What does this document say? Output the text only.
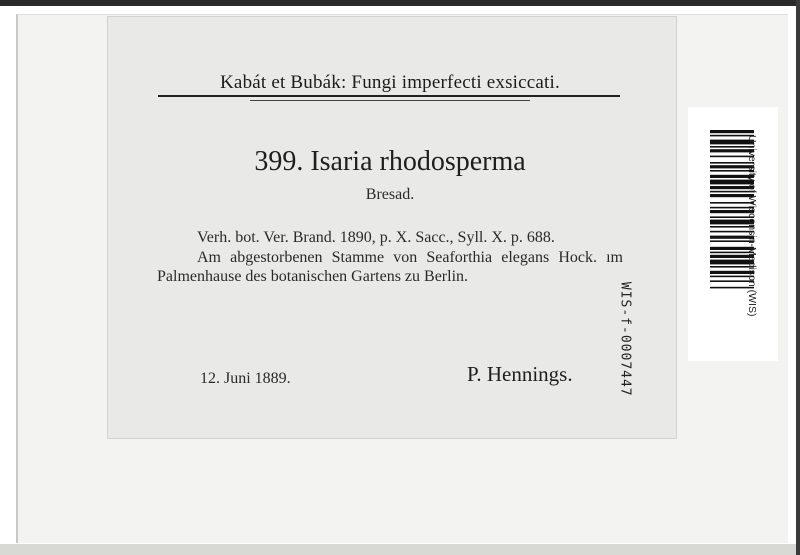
Kabát et Bubák: Fungi imperfecti exsiccati.
399. Isaria rhodosperma
Bresad.

Verh. bot. Ver. Brand. 1890, p. X. Sacc., Syll. X. p. 688.

Am abgestorbenen Stamme von Seaforthia elegans Hock. ım Palmenhause des botanischen Gartens zu Berlin.

12. Juni 1889.	P. Hennings.	WIS-f-0007447
University of Wisconsin-Madison (WIS)
